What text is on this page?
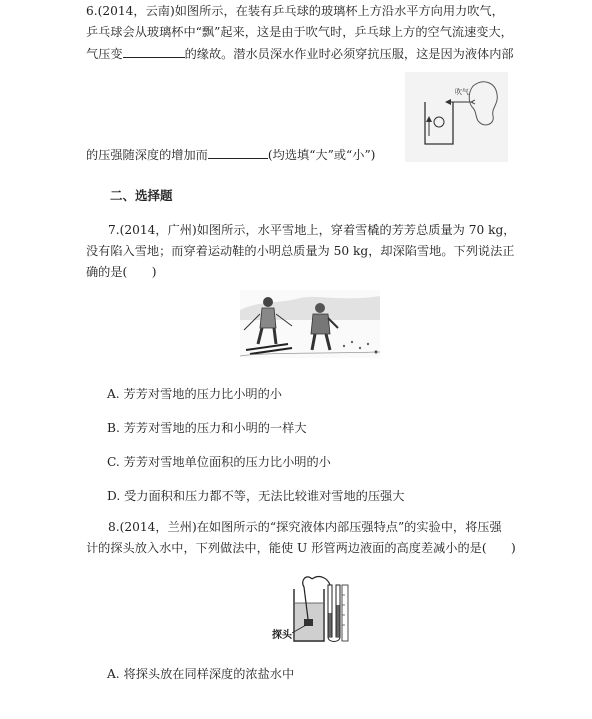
6.(2014，云南)如图所示，在装有乒乓球的玻璃杯上方沿水平方向用力吹气，
乒乓球会从玻璃杯中“飘”起来，这是由于吹气时，乒乓球上方的空气流速变大，
气压变	的缘故。潜水员深水作业时必须穿抗压服，这是因为液体内部
的压强随深度的增加而	(均选填“大”或“小”)
吹气
二、选择题
7.(2014，广州)如图所示，水平雪地上，穿着雪橇的芳芳总质量为 70 kg，
没有陷入雪地；而穿着运动鞋的小明总质量为 50 kg，却深陷雪地。下列说法正
确的是(　　)
A. 芳芳对雪地的压力比小明的小
B. 芳芳对雪地的压力和小明的一样大
C. 芳芳对雪地单位面积的压力比小明的小
D. 受力面积和压力都不等，无法比较谁对雪地的压强大
8.(2014，兰州)在如图所示的“探究液体内部压强特点”的实验中，将压强
计的探头放入水中，下列做法中，能使 U 形管两边液面的高度差减小的是(　　)
探头
A. 将探头放在同样深度的浓盐水中
